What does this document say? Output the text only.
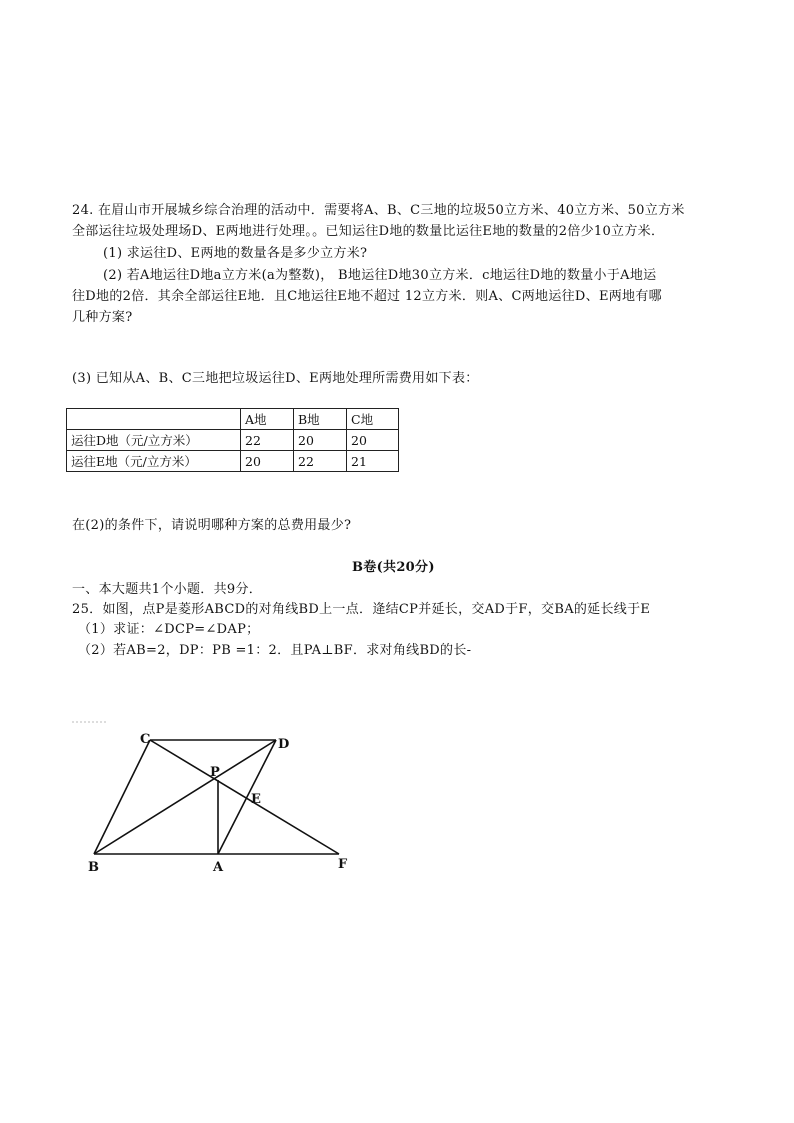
24. 在眉山市开展城乡综合治理的活动中．需要将A、B、C三地的垃圾50立方米、40立方米、50立方米
全部运往垃圾处理场D、E两地进行处理。。已知运往D地的数量比运往E地的数量的2倍少10立方米．
(1) 求运往D、E两地的数量各是多少立方米?
(2) 若A地运往D地a立方米(a为整数)， B地运往D地30立方米．c地运往D地的数量小于A地运
往D地的2倍．其余全部运往E地．且C地运往E地不超过 12立方米．则A、C两地运往D、E两地有哪
几种方案?
(3) 已知从A、B、C三地把垃圾运往D、E两地处理所需费用如下表：
	A地	B地	C地
运往D地（元/立方米）	22	20	20
运往E地（元/立方米）	20	22	21
在(2)的条件下，请说明哪种方案的总费用最少?
B卷(共20分)
一、本大题共1个小题．共9分．
25．如图，点P是菱形ABCD的对角线BD上一点．逄结CP并延长，交AD于F，交BA的延长线于E
（1）求证：∠DCP=∠DAP；
（2）若AB=2，DP：PB =1：2．且PA⊥BF．求对角线BD的长-
C	D
P
E
B	A	F
